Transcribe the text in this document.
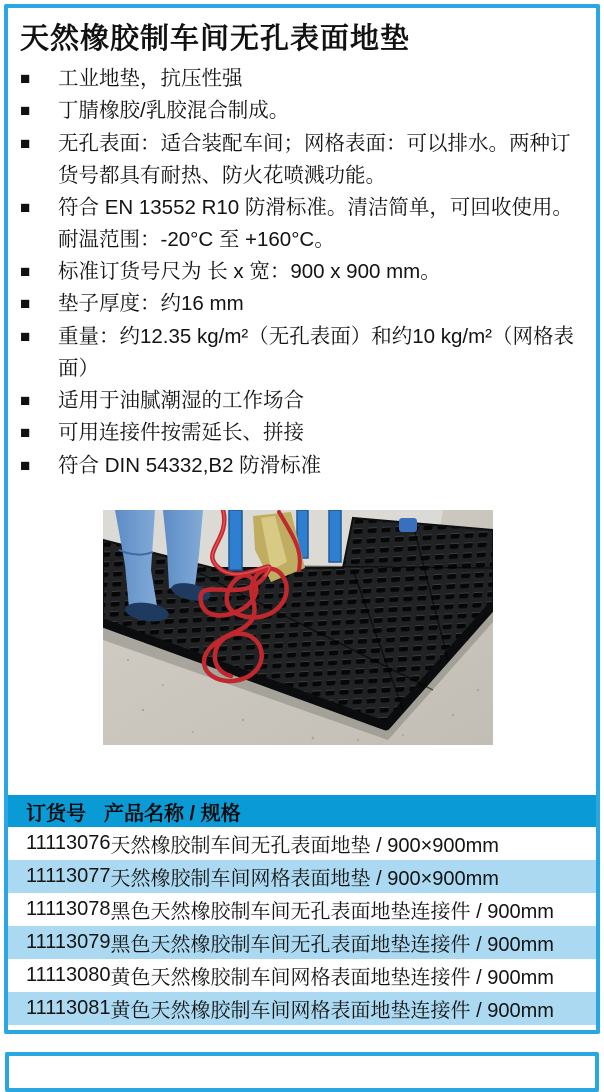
天然橡胶制车间无孔表面地垫
■ 工业地垫，抗压性强
■ 丁腈橡胶/乳胶混合制成。
■ 无孔表面：适合装配车间；网格表面：可以排水。两种订货号都具有耐热、防火花喷溅功能。
■ 符合 EN 13552 R10 防滑标准。清洁简单，可回收使用。耐温范围：-20°C 至 +160°C。
■ 标准订货号尺为 长 x 宽：900 x 900 mm。
■ 垫子厚度：约16 mm
■ 重量：约12.35 kg/m²（无孔表面）和约10 kg/m²（网格表面）
■ 适用于油腻潮湿的工作场合
■ 可用连接件按需延长、拼接
■ 符合 DIN 54332,B2 防滑标准
订货号 产品名称 / 规格
11113076 天然橡胶制车间无孔表面地垫 / 900×900mm
11113077 天然橡胶制车间网格表面地垫 / 900×900mm
11113078 黑色天然橡胶制车间无孔表面地垫连接件 / 900mm
11113079 黑色天然橡胶制车间无孔表面地垫连接件 / 900mm
11113080 黄色天然橡胶制车间网格表面地垫连接件 / 900mm
11113081 黄色天然橡胶制车间网格表面地垫连接件 / 900mm
